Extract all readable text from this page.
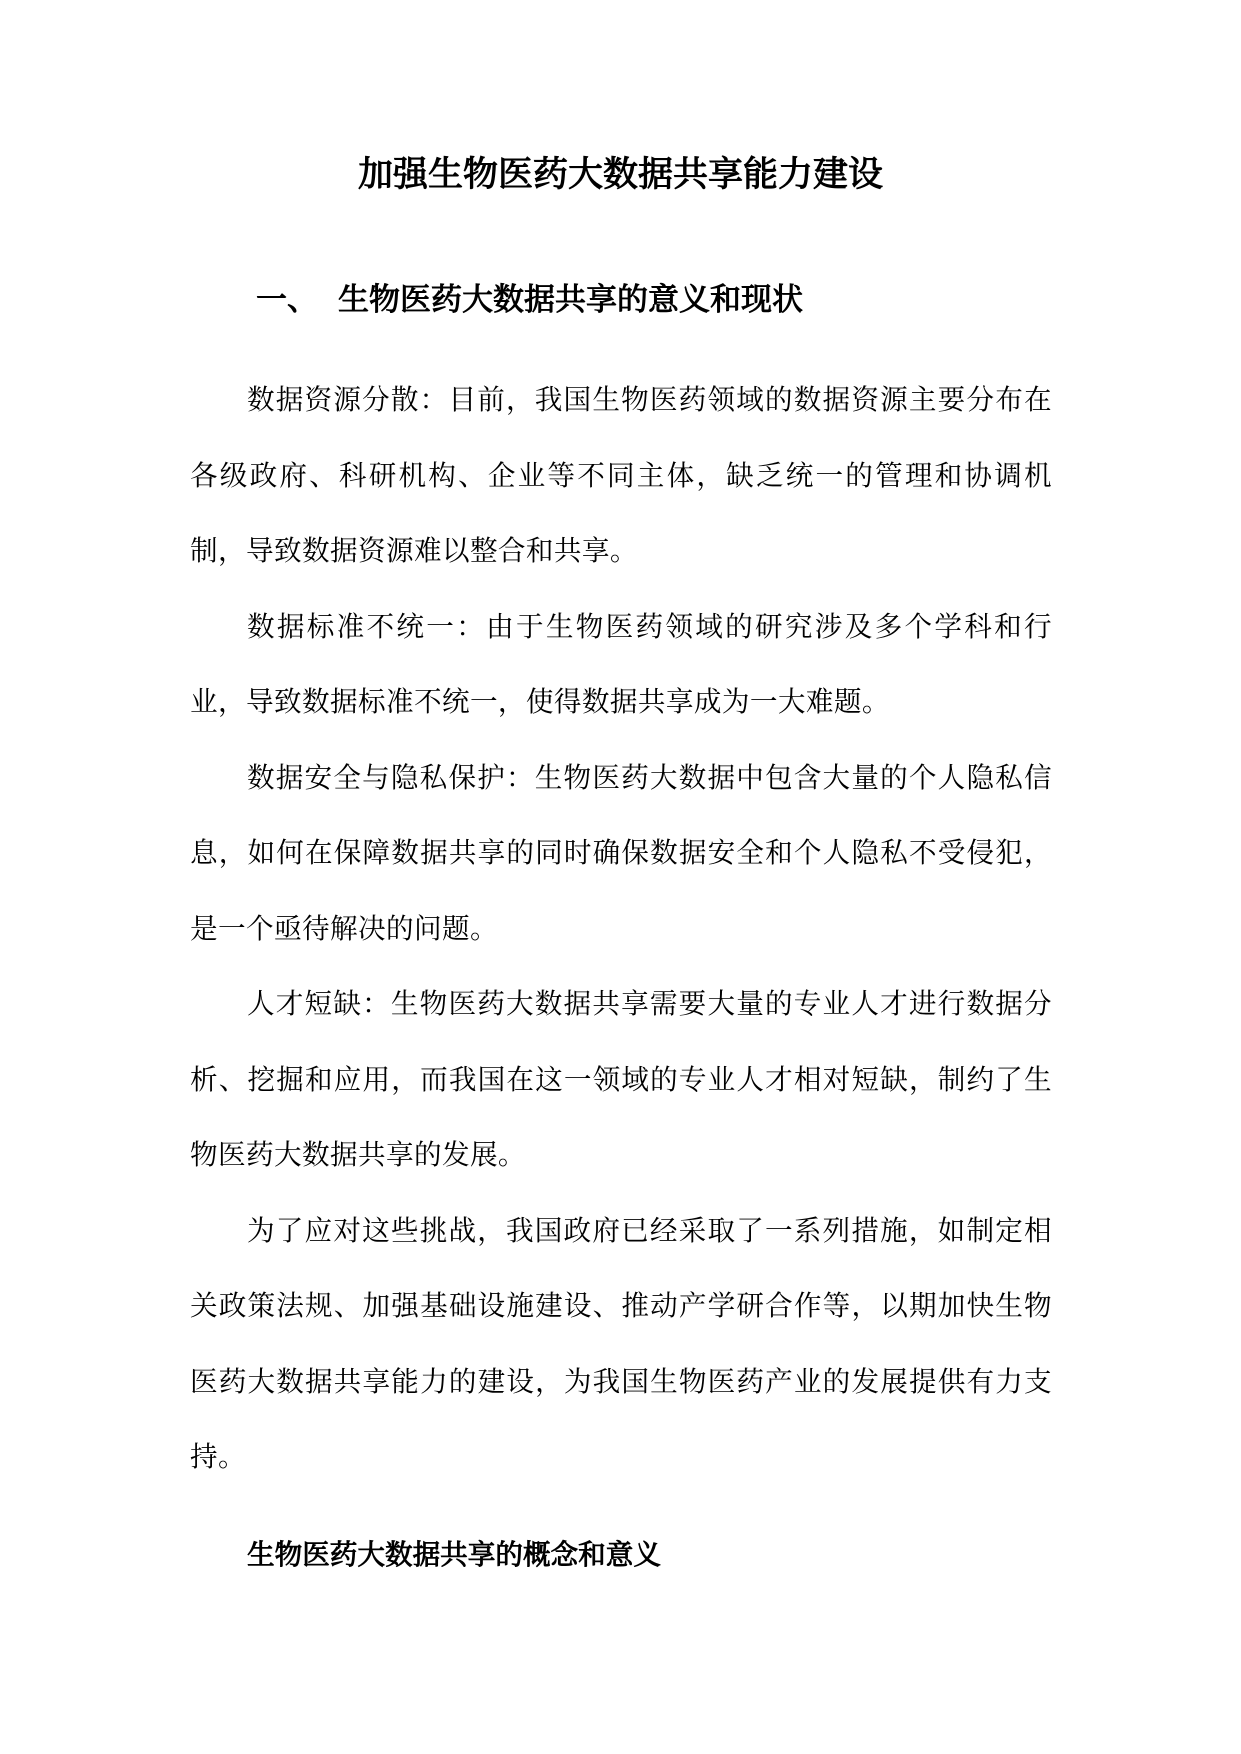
加强生物医药大数据共享能力建设
一、 生物医药大数据共享的意义和现状

数据资源分散：目前，我国生物医药领域的数据资源主要分布在各级政府、科研机构、企业等不同主体，缺乏统一的管理和协调机制，导致数据资源难以整合和共享。

数据标准不统一：由于生物医药领域的研究涉及多个学科和行业，导致数据标准不统一，使得数据共享成为一大难题。

数据安全与隐私保护：生物医药大数据中包含大量的个人隐私信息，如何在保障数据共享的同时确保数据安全和个人隐私不受侵犯，是一个亟待解决的问题。

人才短缺：生物医药大数据共享需要大量的专业人才进行数据分析、挖掘和应用，而我国在这一领域的专业人才相对短缺，制约了生物医药大数据共享的发展。

为了应对这些挑战，我国政府已经采取了一系列措施，如制定相关政策法规、加强基础设施建设、推动产学研合作等，以期加快生物医药大数据共享能力的建设，为我国生物医药产业的发展提供有力支持。

生物医药大数据共享的概念和意义
